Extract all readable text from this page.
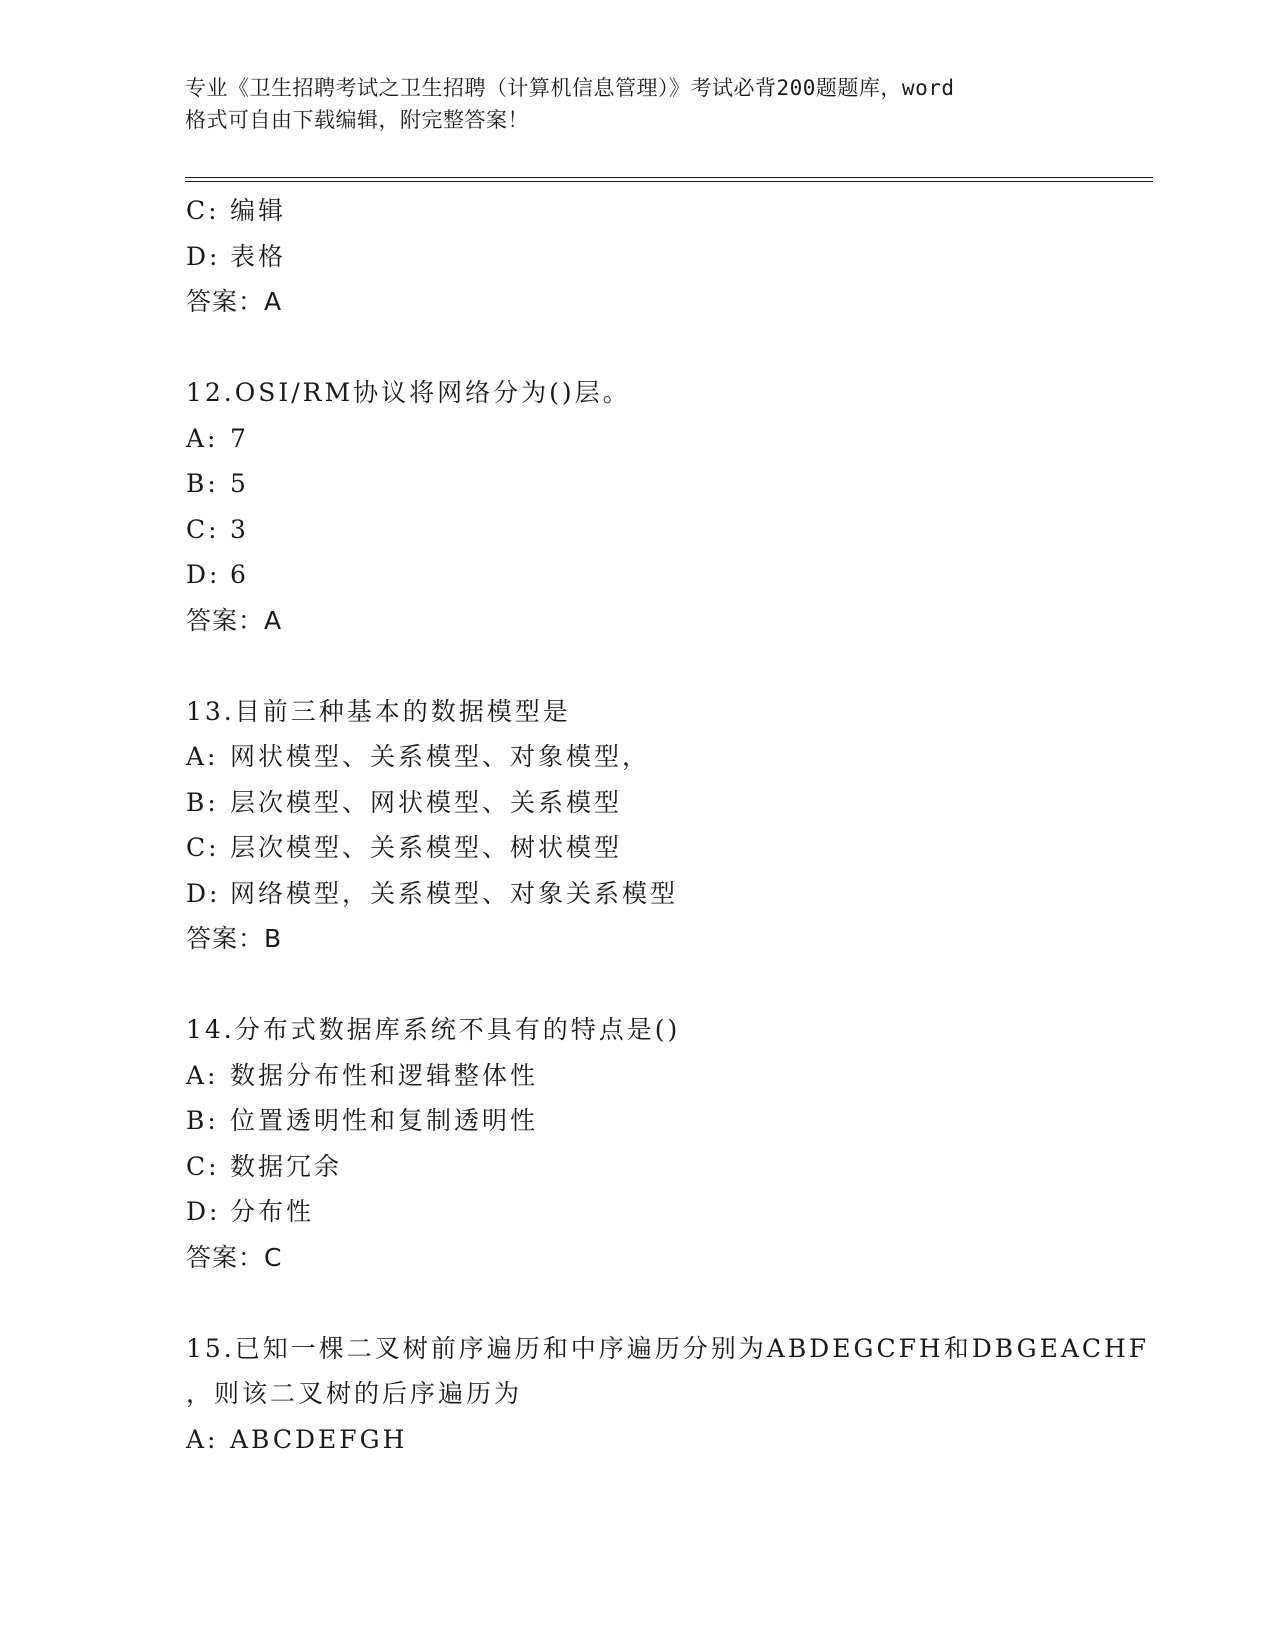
专业《卫生招聘考试之卫生招聘（计算机信息管理）》考试必背200题题库，word
格式可自由下载编辑，附完整答案！
C: 编辑
D: 表格
答案：A
12.OSI/RM协议将网络分为()层。
A: 7
B: 5
C: 3
D: 6
答案：A
13.目前三种基本的数据模型是
A: 网状模型、关系模型、对象模型，
B: 层次模型、网状模型、关系模型
C: 层次模型、关系模型、树状模型
D: 网络模型，关系模型、对象关系模型
答案：B
14.分布式数据库系统不具有的特点是()
A: 数据分布性和逻辑整体性
B: 位置透明性和复制透明性
C: 数据冗余
D: 分布性
答案：C
15.已知一棵二叉树前序遍历和中序遍历分别为ABDEGCFH和DBGEACHF
，则该二叉树的后序遍历为
A: ABCDEFGH
